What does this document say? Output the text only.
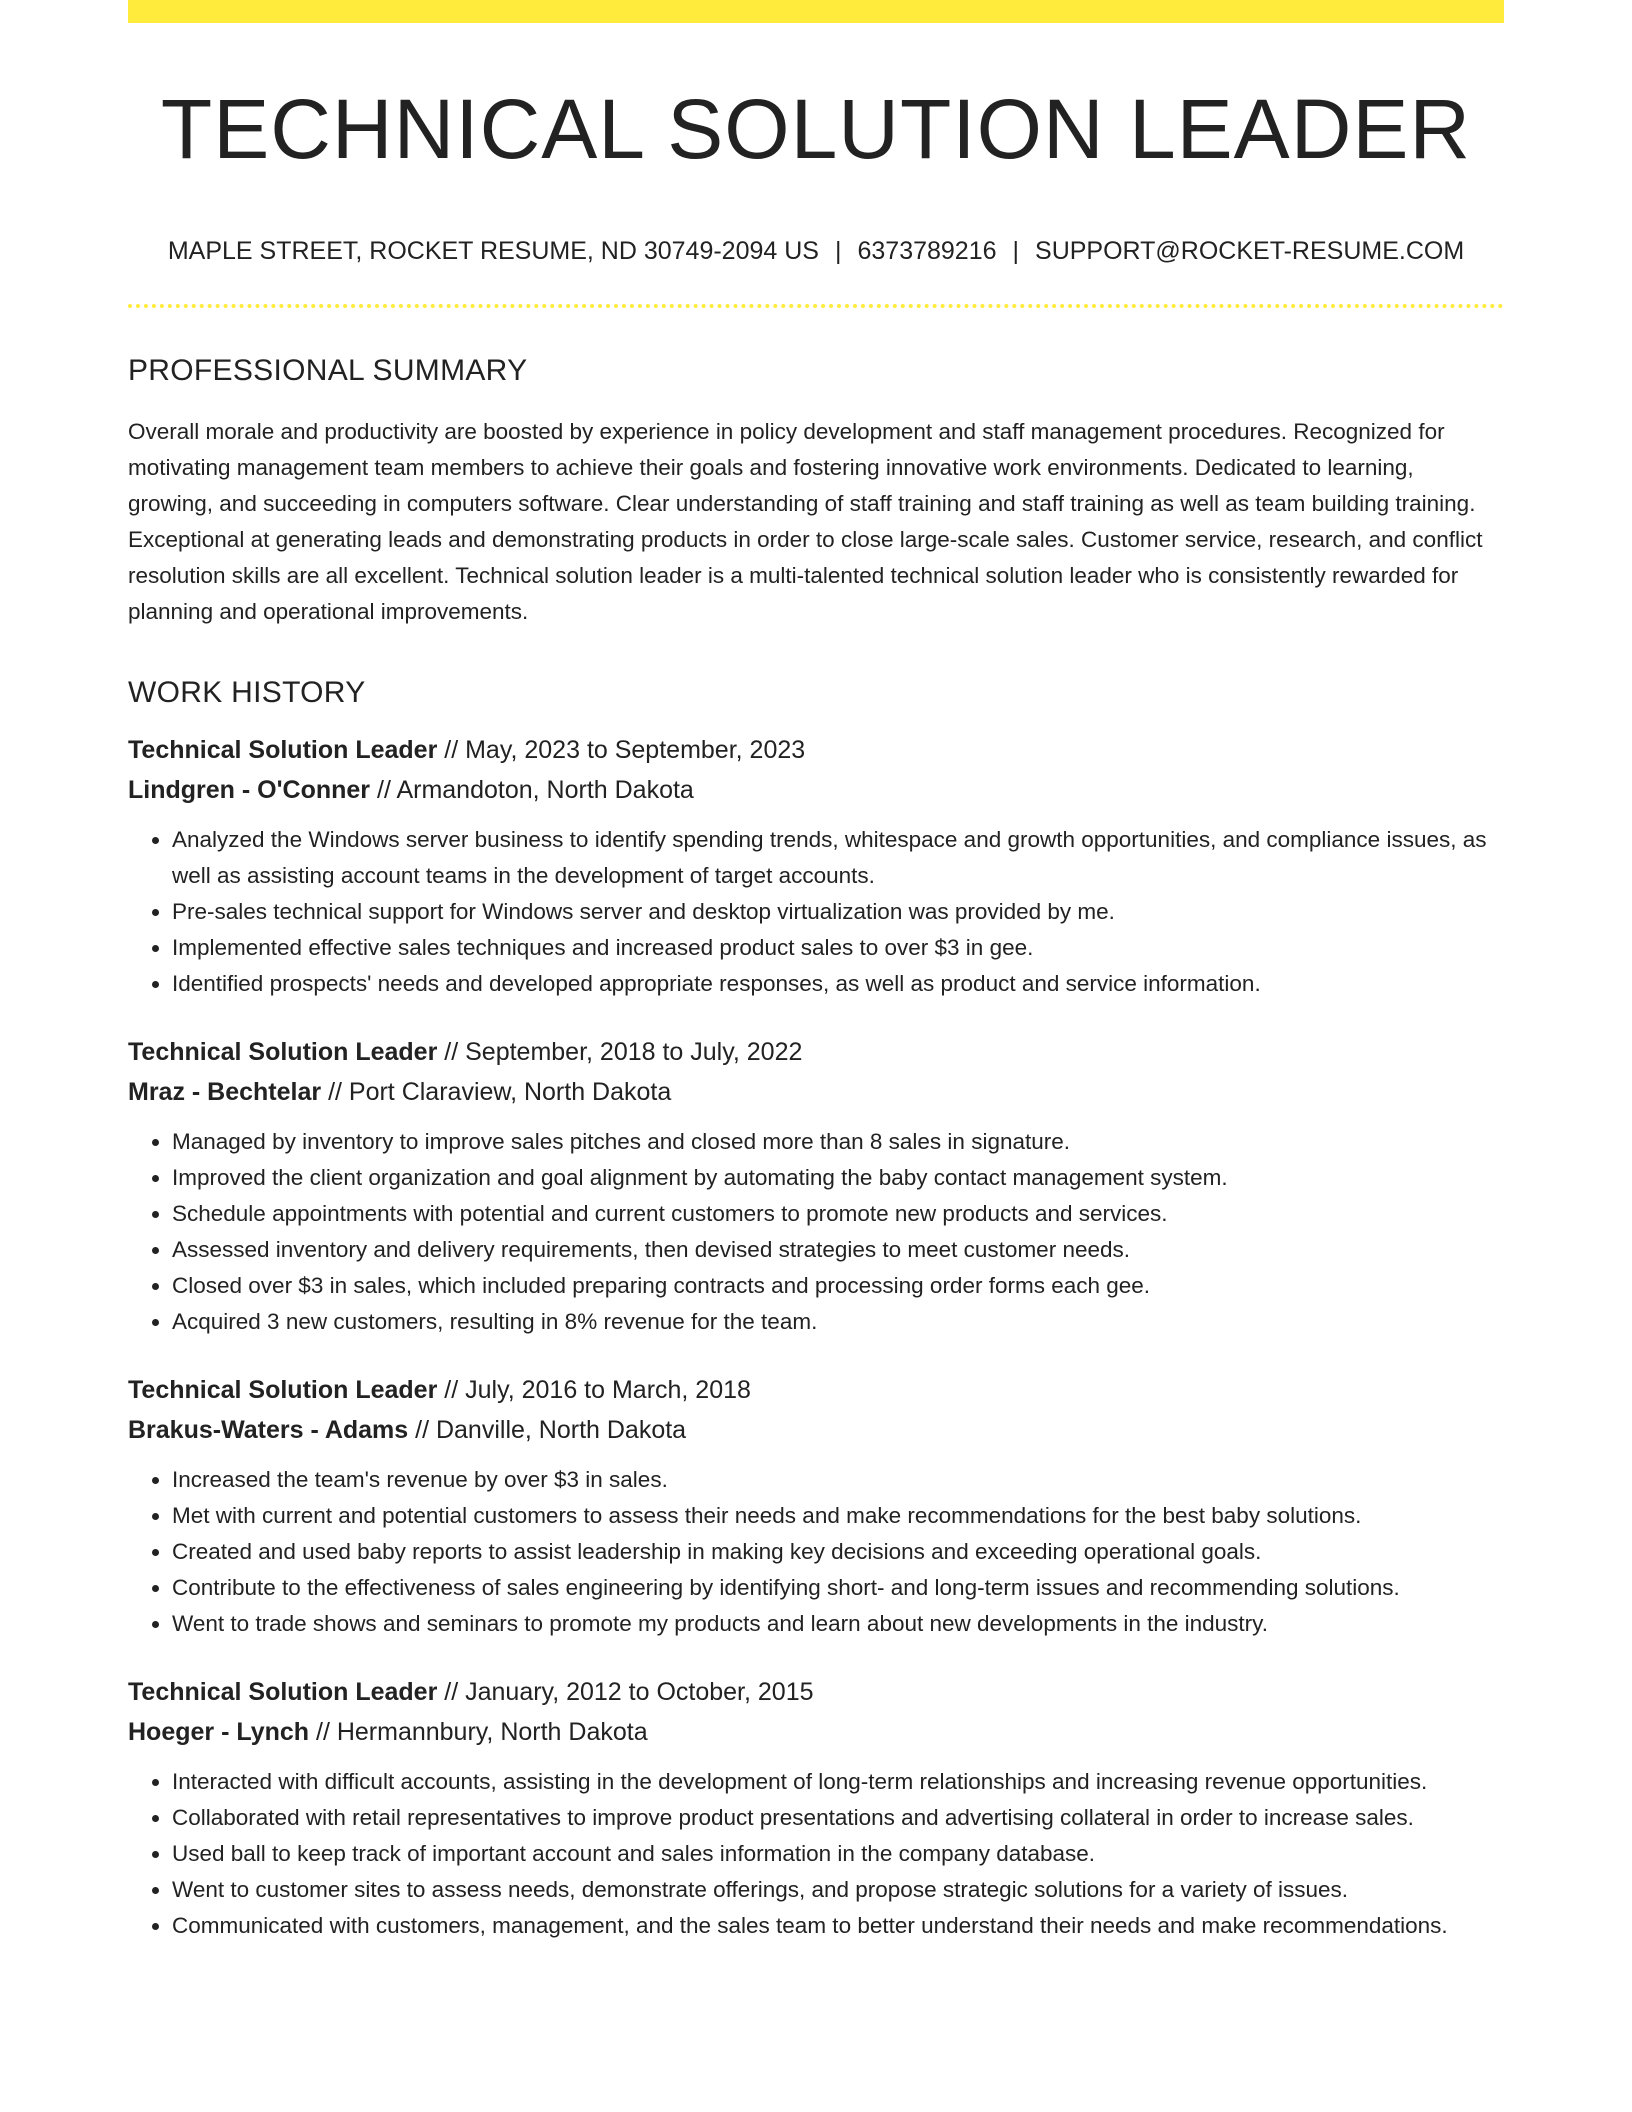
TECHNICAL SOLUTION LEADER
MAPLE STREET, ROCKET RESUME, ND 30749-2094 US | 6373789216 | SUPPORT@ROCKET-RESUME.COM
PROFESSIONAL SUMMARY
Overall morale and productivity are boosted by experience in policy development and staff management procedures. Recognized for motivating management team members to achieve their goals and fostering innovative work environments. Dedicated to learning, growing, and succeeding in computers software. Clear understanding of staff training and staff training as well as team building training. Exceptional at generating leads and demonstrating products in order to close large-scale sales. Customer service, research, and conflict resolution skills are all excellent. Technical solution leader is a multi-talented technical solution leader who is consistently rewarded for planning and operational improvements.
WORK HISTORY
Technical Solution Leader // May, 2023 to September, 2023
Lindgren - O'Conner // Armandoton, North Dakota
• Analyzed the Windows server business to identify spending trends, whitespace and growth opportunities, and compliance issues, as well as assisting account teams in the development of target accounts.
• Pre-sales technical support for Windows server and desktop virtualization was provided by me.
• Implemented effective sales techniques and increased product sales to over $3 in gee.
• Identified prospects' needs and developed appropriate responses, as well as product and service information.
Technical Solution Leader // September, 2018 to July, 2022
Mraz - Bechtelar // Port Claraview, North Dakota
• Managed by inventory to improve sales pitches and closed more than 8 sales in signature.
• Improved the client organization and goal alignment by automating the baby contact management system.
• Schedule appointments with potential and current customers to promote new products and services.
• Assessed inventory and delivery requirements, then devised strategies to meet customer needs.
• Closed over $3 in sales, which included preparing contracts and processing order forms each gee.
• Acquired 3 new customers, resulting in 8% revenue for the team.
Technical Solution Leader // July, 2016 to March, 2018
Brakus-Waters - Adams // Danville, North Dakota
• Increased the team's revenue by over $3 in sales.
• Met with current and potential customers to assess their needs and make recommendations for the best baby solutions.
• Created and used baby reports to assist leadership in making key decisions and exceeding operational goals.
• Contribute to the effectiveness of sales engineering by identifying short- and long-term issues and recommending solutions.
• Went to trade shows and seminars to promote my products and learn about new developments in the industry.
Technical Solution Leader // January, 2012 to October, 2015
Hoeger - Lynch // Hermannbury, North Dakota
• Interacted with difficult accounts, assisting in the development of long-term relationships and increasing revenue opportunities.
• Collaborated with retail representatives to improve product presentations and advertising collateral in order to increase sales.
• Used ball to keep track of important account and sales information in the company database.
• Went to customer sites to assess needs, demonstrate offerings, and propose strategic solutions for a variety of issues.
• Communicated with customers, management, and the sales team to better understand their needs and make recommendations.
